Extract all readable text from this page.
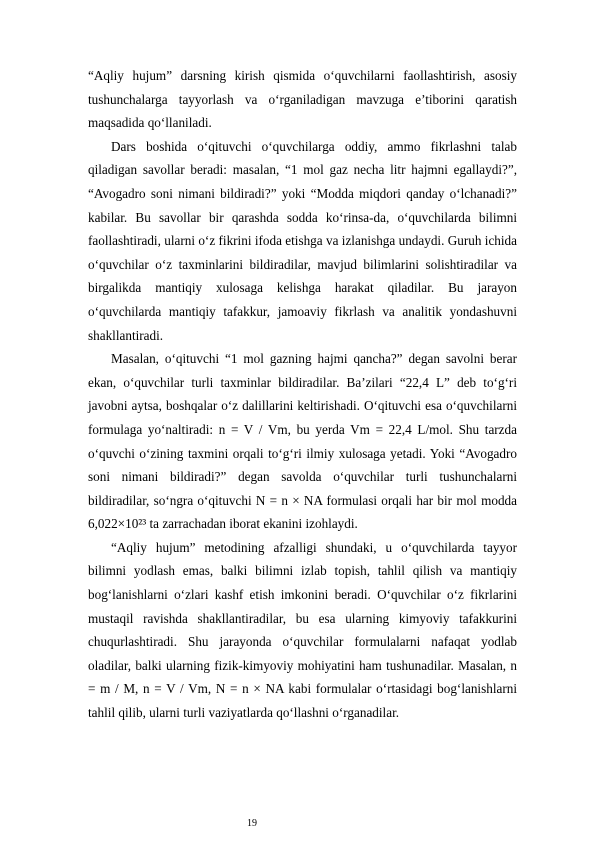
“Aqliy hujum” darsning kirish qismida o‘quvchilarni faollashtirish, asosiy tushunchalarga tayyorlash va o‘rganiladigan mavzuga e’tiborini qaratish maqsadida qo‘llaniladi.

Dars boshida o‘qituvchi o‘quvchilarga oddiy, ammo fikrlashni talab qiladigan savollar beradi: masalan, “1 mol gaz necha litr hajmni egallaydi?”, “Avogadro soni nimani bildiradi?” yoki “Modda miqdori qanday o‘lchanadi?” kabilar. Bu savollar bir qarashda sodda ko‘rinsa-da, o‘quvchilarda bilimni faollashtiradi, ularni o‘z fikrini ifoda etishga va izlanishga undaydi. Guruh ichida o‘quvchilar o‘z taxminlarini bildiradilar, mavjud bilimlarini solishtiradilar va birgalikda mantiqiy xulosaga kelishga harakat qiladilar. Bu jarayon o‘quvchilarda mantiqiy tafakkur, jamoaviy fikrlash va analitik yondashuvni shakllantiradi.

Masalan, o‘qituvchi “1 mol gazning hajmi qancha?” degan savolni berar ekan, o‘quvchilar turli taxminlar bildiradilar. Ba’zilari “22,4 L” deb to‘g‘ri javobni aytsa, boshqalar o‘z dalillarini keltirishadi. O‘qituvchi esa o‘quvchilarni formulaga yo‘naltiradi: n = V / Vm, bu yerda Vm = 22,4 L/mol. Shu tarzda o‘quvchi o‘zining taxmini orqali to‘g‘ri ilmiy xulosaga yetadi. Yoki “Avogadro soni nimani bildiradi?” degan savolda o‘quvchilar turli tushunchalarni bildiradilar, so‘ngra o‘qituvchi N = n × NA formulasi orqali har bir mol modda 6,022×10²³ ta zarrachadan iborat ekanini izohlaydi.

“Aqliy hujum” metodining afzalligi shundaki, u o‘quvchilarda tayyor bilimni yodlash emas, balki bilimni izlab topish, tahlil qilish va mantiqiy bog‘lanishlarni o‘zlari kashf etish imkonini beradi. O‘quvchilar o‘z fikrlarini mustaqil ravishda shakllantiradilar, bu esa ularning kimyoviy tafakkurini chuqurlashtiradi. Shu jarayonda o‘quvchilar formulalarni nafaqat yodlab oladilar, balki ularning fizik-kimyoviy mohiyatini ham tushunadilar. Masalan, n = m / M, n = V / Vm, N = n × NA kabi formulalar o‘rtasidagi bog‘lanishlarni tahlil qilib, ularni turli vaziyatlarda qo‘llashni o‘rganadilar.

19
